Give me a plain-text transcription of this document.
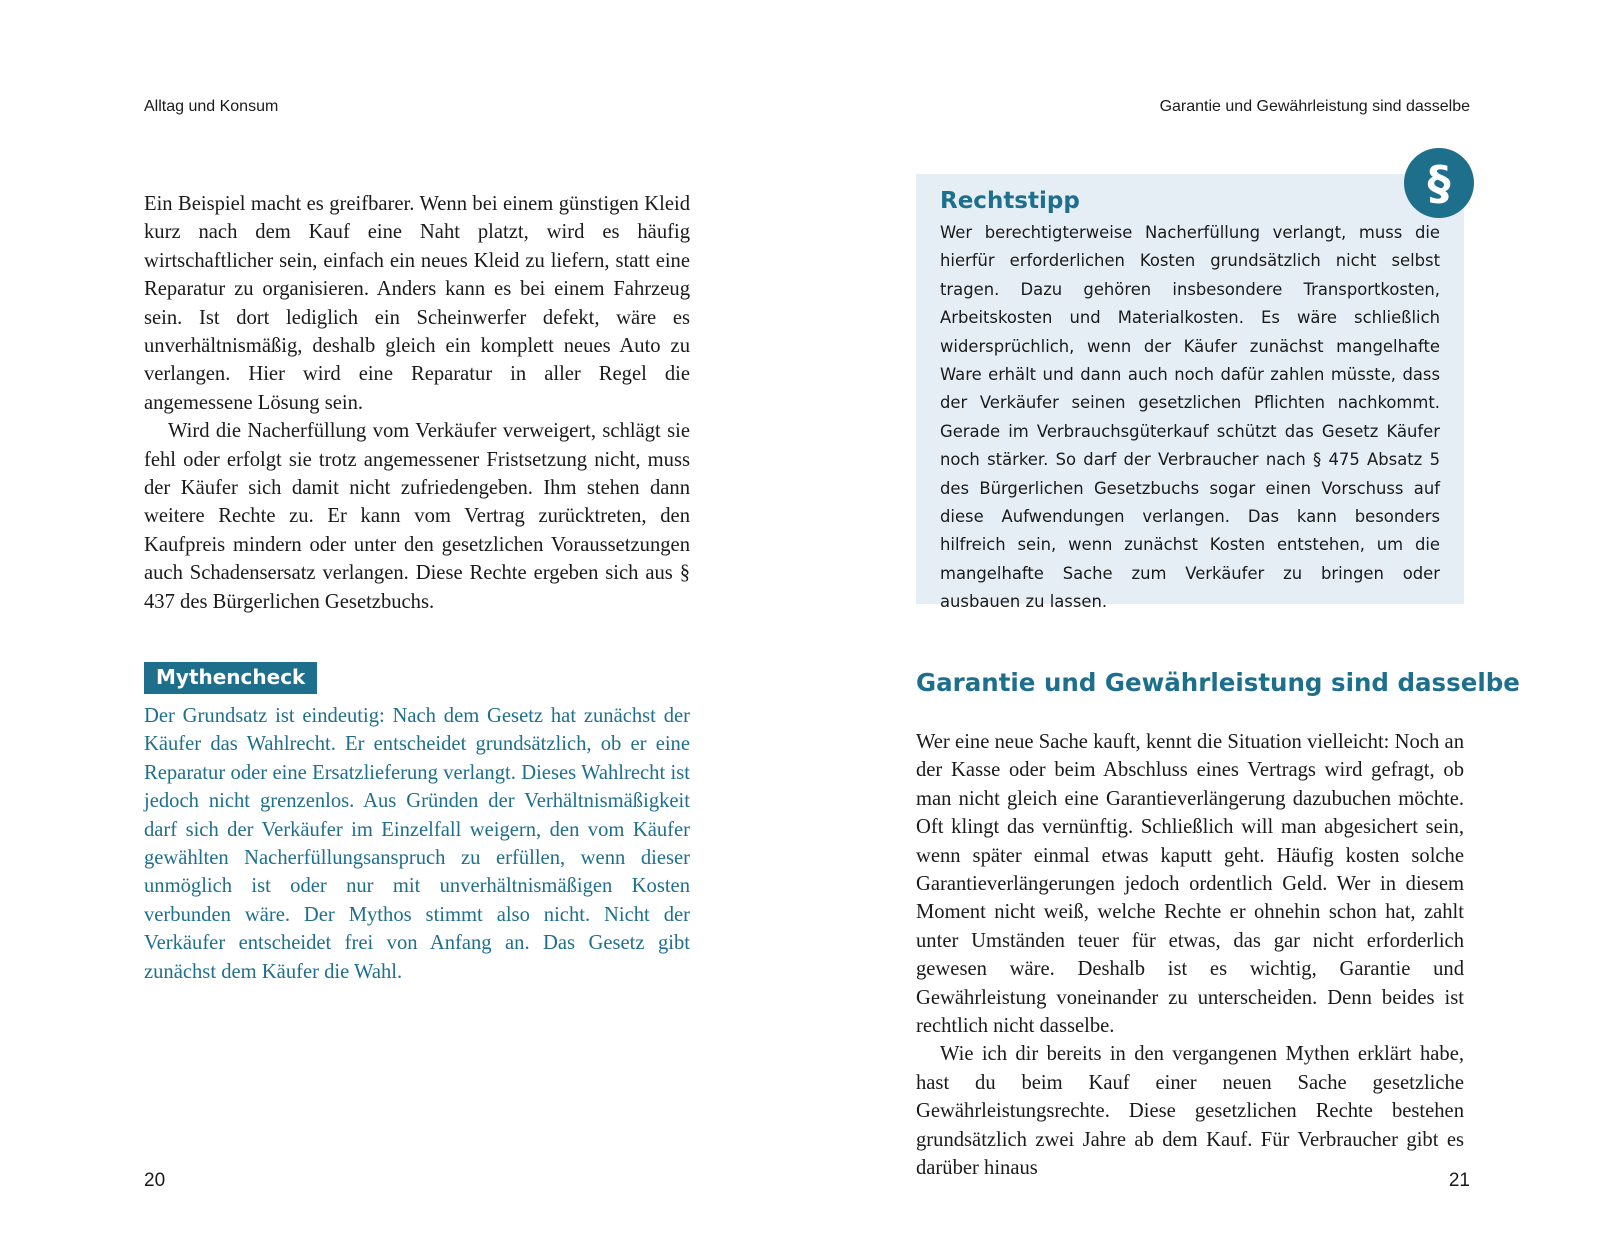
Alltag und Konsum

Ein Beispiel macht es greifbarer. Wenn bei einem günstigen Kleid kurz nach dem Kauf eine Naht platzt, wird es häufig wirtschaftlicher sein, einfach ein neues Kleid zu liefern, statt eine Reparatur zu organisieren. Anders kann es bei einem Fahrzeug sein. Ist dort lediglich ein Scheinwerfer defekt, wäre es unverhältnismäßig, deshalb gleich ein komplett neues Auto zu verlangen. Hier wird eine Reparatur in aller Regel die angemessene Lösung sein.

Wird die Nacherfüllung vom Verkäufer verweigert, schlägt sie fehl oder erfolgt sie trotz angemessener Fristsetzung nicht, muss der Käufer sich damit nicht zufriedengeben. Ihm stehen dann weitere Rechte zu. Er kann vom Vertrag zurücktreten, den Kaufpreis mindern oder unter den gesetzlichen Voraussetzungen auch Schadensersatz verlangen. Diese Rechte ergeben sich aus § 437 des Bürgerlichen Gesetzbuchs.

Mythencheck

Der Grundsatz ist eindeutig: Nach dem Gesetz hat zunächst der Käufer das Wahlrecht. Er entscheidet grundsätzlich, ob er eine Reparatur oder eine Ersatzlieferung verlangt. Dieses Wahlrecht ist jedoch nicht grenzenlos. Aus Gründen der Verhältnismäßigkeit darf sich der Verkäufer im Einzelfall weigern, den vom Käufer gewählten Nacherfüllungsanspruch zu erfüllen, wenn dieser unmöglich ist oder nur mit unverhältnismäßigen Kosten verbunden wäre. Der Mythos stimmt also nicht. Nicht der Verkäufer entscheidet frei von Anfang an. Das Gesetz gibt zunächst dem Käufer die Wahl.

20
Garantie und Gewährleistung sind dasselbe
§
Rechtstipp
Wer berechtigterweise Nacherfüllung verlangt, muss die hierfür erforderlichen Kosten grundsätzlich nicht selbst tragen. Dazu gehören insbesondere Transportkosten, Arbeitskosten und Materialkosten. Es wäre schließlich widersprüchlich, wenn der Käufer zunächst mangelhafte Ware erhält und dann auch noch dafür zahlen müsste, dass der Verkäufer seinen gesetzlichen Pflichten nachkommt. Gerade im Verbrauchsgüterkauf schützt das Gesetz Käufer noch stärker. So darf der Verbraucher nach § 475 Absatz 5 des Bürgerlichen Gesetzbuchs sogar einen Vorschuss auf diese Aufwendungen verlangen. Das kann besonders hilfreich sein, wenn zunächst Kosten entstehen, um die mangelhafte Sache zum Verkäufer zu bringen oder ausbauen zu lassen.
Garantie und Gewährleistung sind dasselbe

Wer eine neue Sache kauft, kennt die Situation vielleicht: Noch an der Kasse oder beim Abschluss eines Vertrags wird gefragt, ob man nicht gleich eine Garantieverlängerung dazubuchen möchte. Oft klingt das vernünftig. Schließlich will man abgesichert sein, wenn später einmal etwas kaputt geht. Häufig kosten solche Garantieverlängerungen jedoch ordentlich Geld. Wer in diesem Moment nicht weiß, welche Rechte er ohnehin schon hat, zahlt unter Umständen teuer für etwas, das gar nicht erforderlich gewesen wäre. Deshalb ist es wichtig, Garantie und Gewährleistung voneinander zu unterscheiden. Denn beides ist rechtlich nicht dasselbe.

Wie ich dir bereits in den vergangenen Mythen erklärt habe, hast du beim Kauf einer neuen Sache gesetzliche Gewährleistungsrechte. Diese gesetzlichen Rechte bestehen grundsätzlich zwei Jahre ab dem Kauf. Für Verbraucher gibt es darüber hinaus

21
